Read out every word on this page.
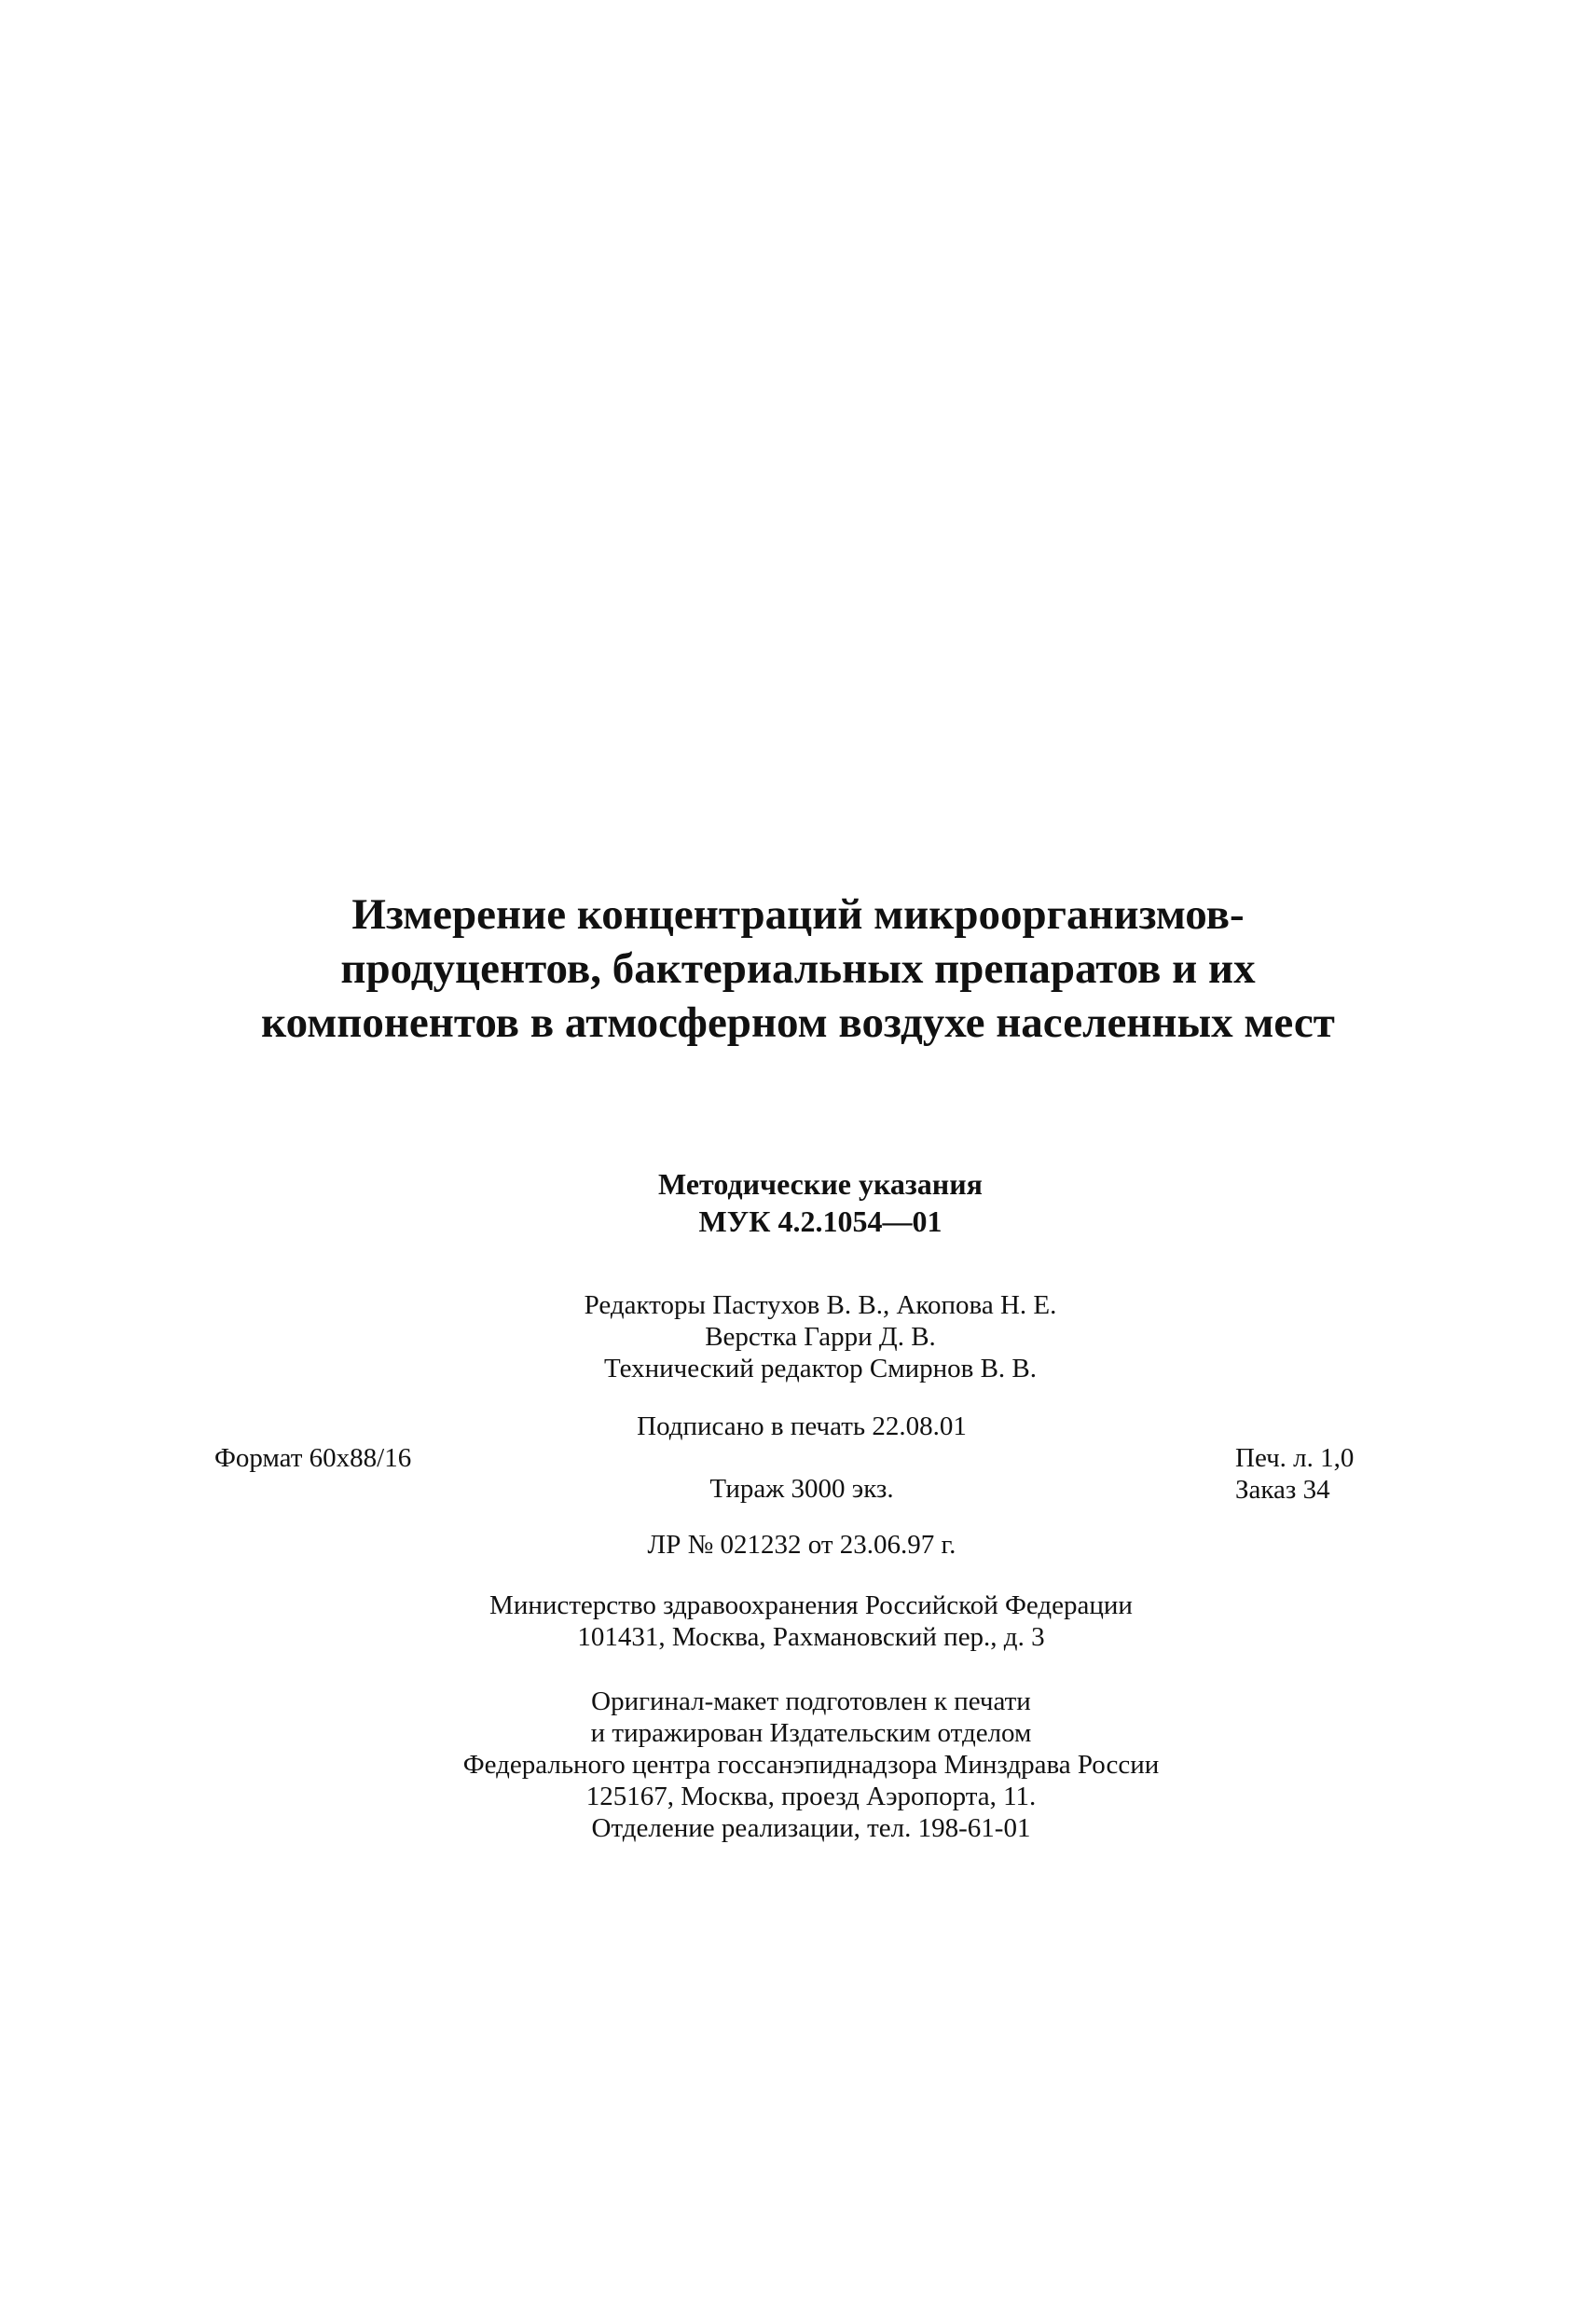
Измерение концентраций микроорганизмов-
продуцентов, бактериальных препаратов и их
компонентов в атмосферном воздухе населенных мест
Методические указания
МУК 4.2.1054—01
Редакторы Пастухов В. В., Акопова Н. Е.
Верстка Гарри Д. В.
Технический редактор Смирнов В. В.
Подписано в печать 22.08.01
Формат 60x88/16	Печ. л. 1,0
Заказ 34
Тираж 3000 экз.
ЛР № 021232 от 23.06.97 г.
Министерство здравоохранения Российской Федерации
101431, Москва, Рахмановский пер., д. 3
Оригинал-макет подготовлен к печати
и тиражирован Издательским отделом
Федерального центра госсанэпиднадзора Минздрава России
125167, Москва, проезд Аэропорта, 11.
Отделение реализации, тел. 198-61-01
